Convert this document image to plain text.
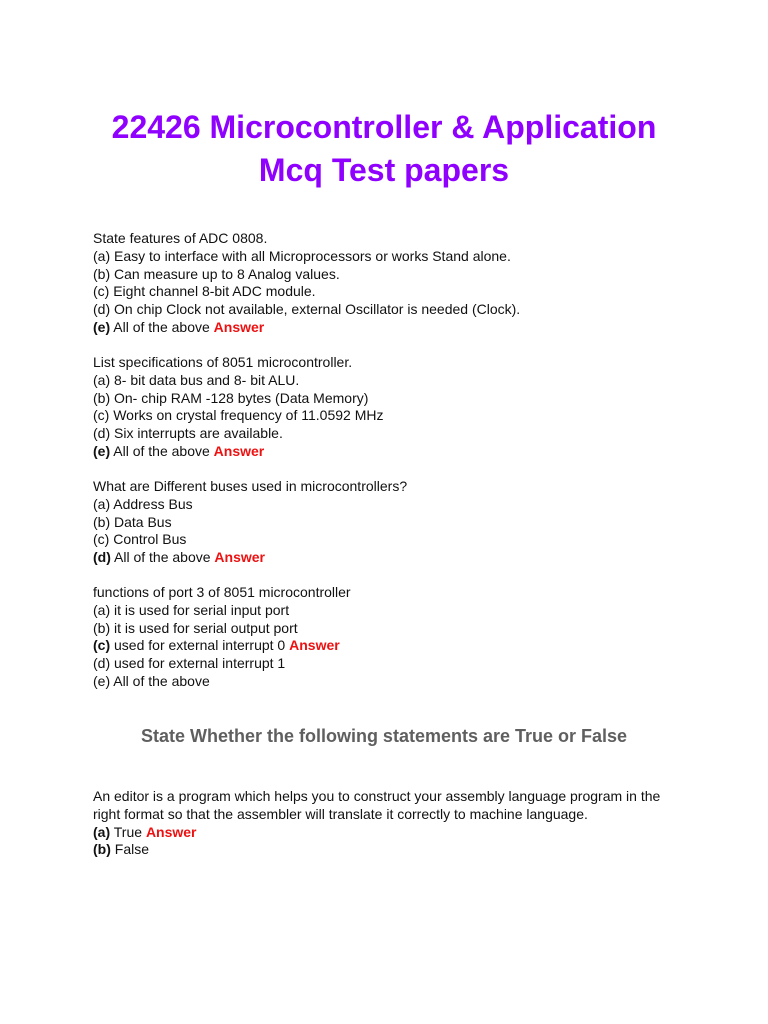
22426 Microcontroller & Application
Mcq Test papers
State features of ADC 0808.
(a) Easy to interface with all Microprocessors or works Stand alone.
(b) Can measure up to 8 Analog values.
(c) Eight channel 8-bit ADC module.
(d) On chip Clock not available, external Oscillator is needed (Clock).
(e) All of the above Answer
List specifications of 8051 microcontroller.
(a) 8- bit data bus and 8- bit ALU.
(b) On- chip RAM -128 bytes (Data Memory)
(c) Works on crystal frequency of 11.0592 MHz
(d) Six interrupts are available.
(e) All of the above Answer
What are Different buses used in microcontrollers?
(a) Address Bus
(b) Data Bus
(c) Control Bus
(d) All of the above Answer
functions of port 3 of 8051 microcontroller
(a) it is used for serial input port
(b) it is used for serial output port
(c) used for external interrupt 0 Answer
(d) used for external interrupt 1
(e) All of the above
State Whether the following statements are True or False
An editor is a program which helps you to construct your assembly language program in the right format so that the assembler will translate it correctly to machine language.
(a) True Answer
(b) False
